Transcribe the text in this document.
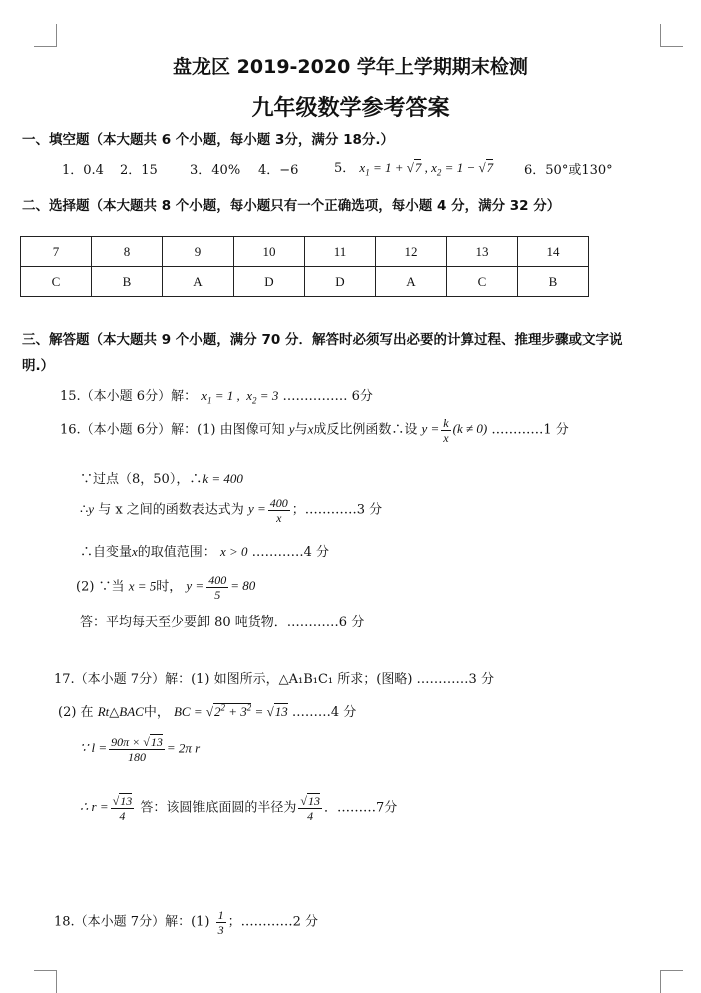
盘龙区 2019-2020 学年上学期期末检测
九年级数学参考答案
一、填空题（本大题共 6 个小题，每小题 3分，满分 18分.）
1．0.4 2．15 3．40% 4．−6	5． $x_1 = 1 + √7$ , $x_2 = 1 - √7$ 6．50°或130°
二、选择题（本大题共 8 个小题，每小题只有一个正确选项，每小题 4 分，满分 32 分）
7	8	9	10	11	12	13	14
C	B	A	D	D	A	C	B
三、解答题（本大题共 9 个小题，满分 70 分．解答时必须写出必要的计算过程、推理步骤或文字说
明.）
15.（本小题 6分）解： $x_1 = 1$ ,  $x_2 = 3$ …………… 6分
16.（本小题 6分）解：(1) 由图像可知 y与x成反比例函数∴设 $y = \frac{k}{x} (k \ne 0)$ …………1 分
∵过点（8，50），∴k = 400
∴y 与 x 之间的函数表达式为 $y = \frac{400}{x}$ ；…………3 分
∴自变量x的取值范围： x > 0 …………4 分
(2) ∵当 x = 5时， $y = \frac{400}{5} = 80$
答：平均每天至少要卸 80 吨货物．…………6 分
17.（本小题 7分）解：(1) 如图所示，△A₁B₁C₁ 所求；(图略) …………3 分
(2) 在 Rt△BAC中， BC = $√2^2 + 3^2 = √13$ ………4 分
∵ $l = \frac{90\pi \times √13}{180} = 2\pi$ r
∴ $r = \frac{√13}{4}$ 答：该圆锥底面圆的半径为 $\frac{√13}{4}$ ．………7分
18.（本小题 7分）解：$(1) \frac{1}{3}$ ；…………2 分
